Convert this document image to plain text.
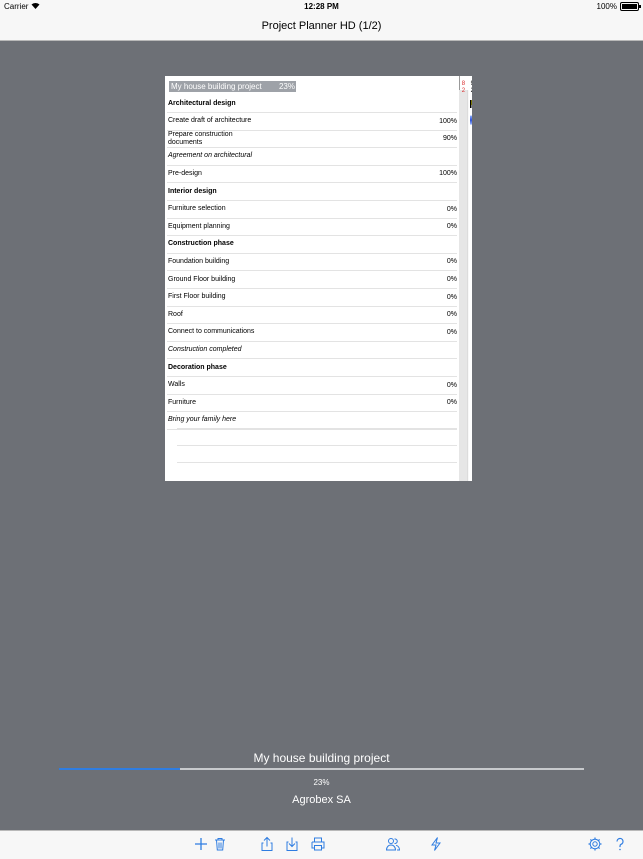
Carrier	12:28 PM	100%
Project Planner HD (1/2)
My house building project 23%
Architectural design
Create draft of architecture	100%
Prepare construction documents	90%
Agreement on architectural
Pre-design	100%
Interior design
Furniture selection	0%
Equipment planning	0%
Construction phase
Foundation building	0%
Ground Floor building	0%
First Floor building	0%
Roof	0%
Connect to communications	0%
Construction completed
Decoration phase
Walls	0%
Furniture	0%
Bring your family here
8
2
9
2
10
2
11
2
12
2
13
2
14
2
15
2
16
2
17
2
18
2
19
2
20
2
21
2
22
2
23
2
24
2
25
2
26
2
27
2
100%
My house building project
23%
Agrobex SA
